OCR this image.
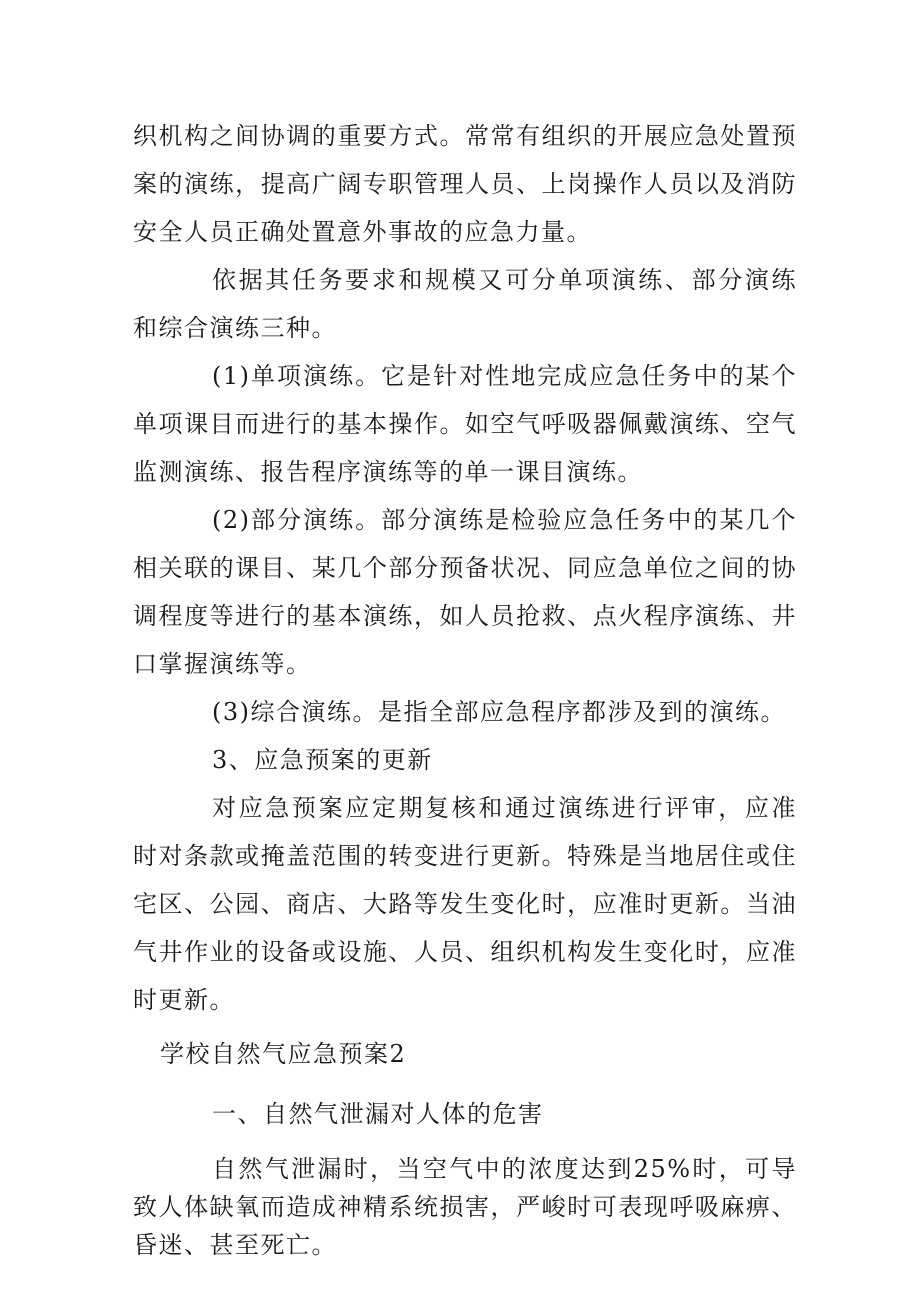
织机构之间协调的重要方式。常常有组织的开展应急处置预案的演练，提高广阔专职管理人员、上岗操作人员以及消防安全人员正确处置意外事故的应急力量。

依据其任务要求和规模又可分单项演练、部分演练和综合演练三种。

(1)单项演练。它是针对性地完成应急任务中的某个单项课目而进行的基本操作。如空气呼吸器佩戴演练、空气监测演练、报告程序演练等的单一课目演练。

(2)部分演练。部分演练是检验应急任务中的某几个相关联的课目、某几个部分预备状况、同应急单位之间的协调程度等进行的基本演练，如人员抢救、点火程序演练、井口掌握演练等。

(3)综合演练。是指全部应急程序都涉及到的演练。

3、应急预案的更新

对应急预案应定期复核和通过演练进行评审，应准时对条款或掩盖范围的转变进行更新。特殊是当地居住或住宅区、公园、商店、大路等发生变化时，应准时更新。当油气井作业的设备或设施、人员、组织机构发生变化时，应准时更新。

学校自然气应急预案2

一、自然气泄漏对人体的危害

自然气泄漏时，当空气中的浓度达到25%时，可导致人体缺氧而造成神精系统损害，严峻时可表现呼吸麻痹、昏迷、甚至死亡。
